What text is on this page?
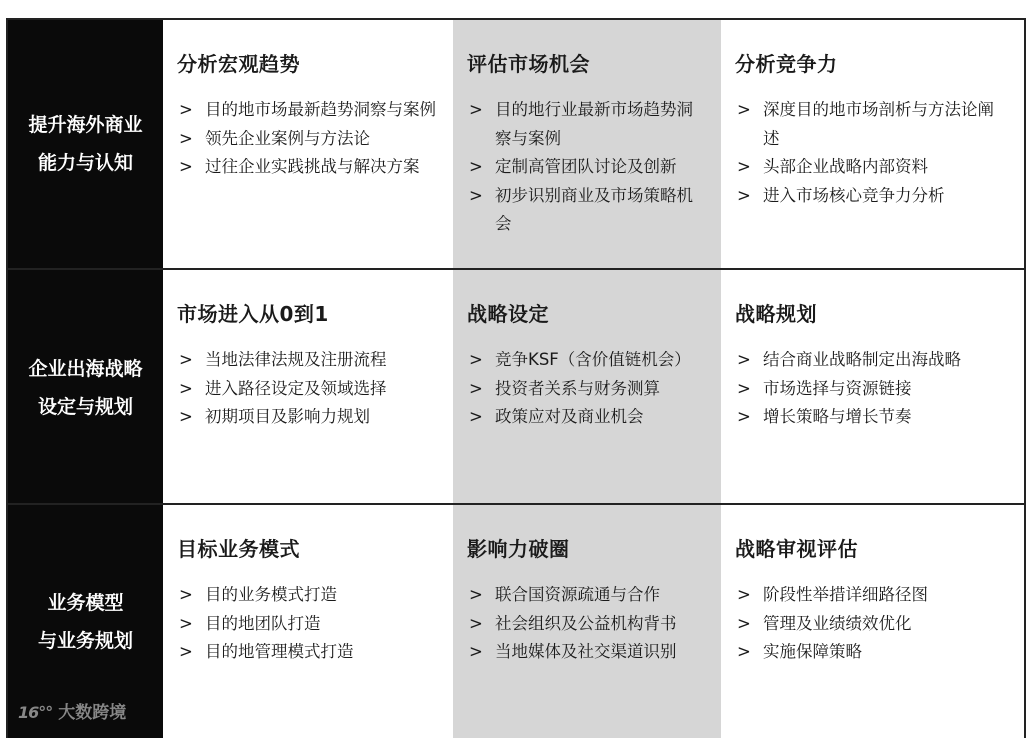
提升海外商业
能力与认知
分析宏观趋势
> 目的地市场最新趋势洞察与案例
> 领先企业案例与方法论
> 过往企业实践挑战与解决方案
评估市场机会
> 目的地行业最新市场趋势洞察与案例
> 定制高管团队讨论及创新
> 初步识别商业及市场策略机会
分析竞争力
> 深度目的地市场剖析与方法论阐述
> 头部企业战略内部资料
> 进入市场核心竞争力分析
企业出海战略
设定与规划
市场进入从0到1
> 当地法律法规及注册流程
> 进入路径设定及领域选择
> 初期项目及影响力规划
战略设定
> 竞争KSF（含价值链机会）
> 投资者关系与财务测算
> 政策应对及商业机会
战略规划
> 结合商业战略制定出海战略
> 市场选择与资源链接
> 增长策略与增长节奏
业务模型
与业务规划
16°° 大数跨境
目标业务模式
> 目的业务模式打造
> 目的地团队打造
> 目的地管理模式打造
影响力破圈
> 联合国资源疏通与合作
> 社会组织及公益机构背书
> 当地媒体及社交渠道识别
战略审视评估
> 阶段性举措详细路径图
> 管理及业绩绩效优化
> 实施保障策略
